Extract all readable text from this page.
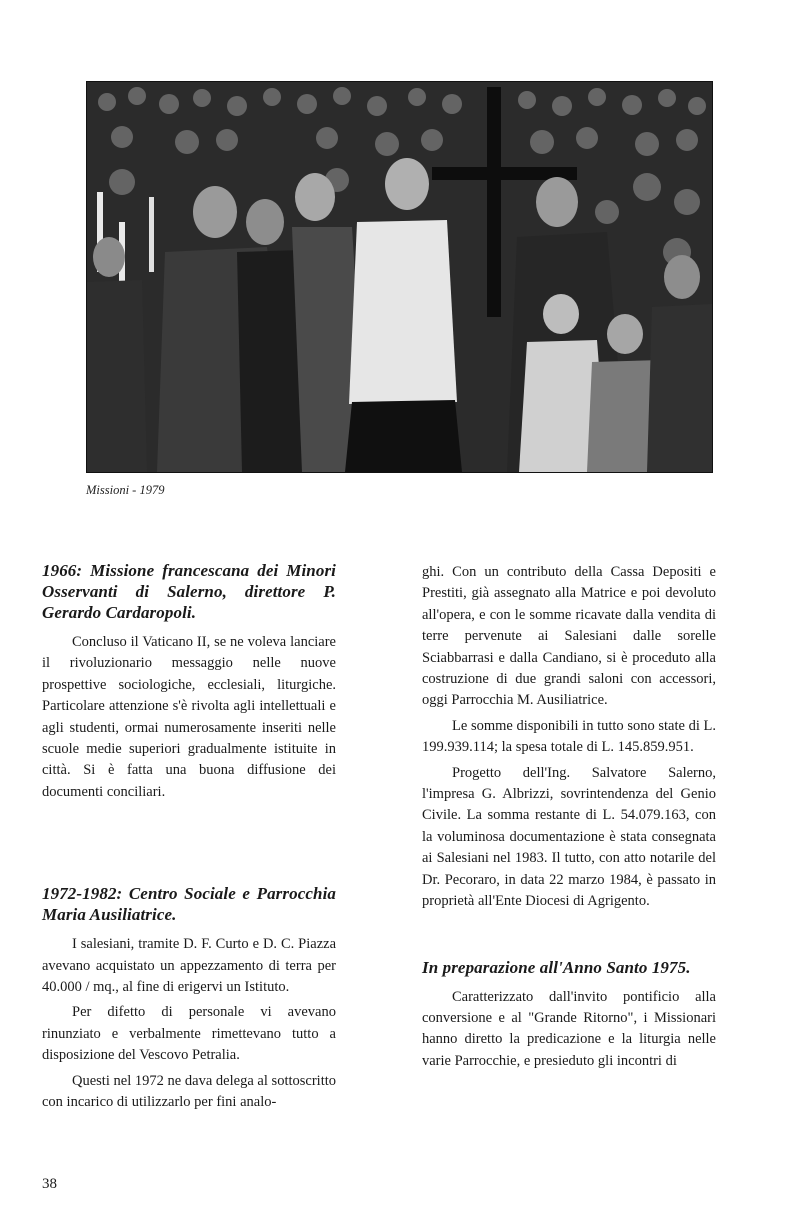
Missioni - 1979
1966: Missione francescana dei Minori Osservanti di Salerno, direttore P. Gerardo Cardaropoli.

Concluso il Vaticano II, se ne voleva lanciare il rivoluzionario messaggio nelle nuove prospettive sociologiche, ecclesiali, liturgiche. Particolare attenzione s'è rivolta agli intellettuali e agli studenti, ormai numerosamente inseriti nelle scuole medie superiori gradualmente istituite in città. Si è fatta una buona diffusione dei documenti conciliari.

1972-1982: Centro Sociale e Parrocchia Maria Ausiliatrice.

I salesiani, tramite D. F. Curto e D. C. Piazza avevano acquistato un appezzamento di terra per 40.000 / mq., al fine di erigervi un Istituto.

Per difetto di personale vi avevano rinunziato e verbalmente rimettevano tutto a disposizione del Vescovo Petralia.

Questi nel 1972 ne dava delega al sottoscritto con incarico di utilizzarlo per fini analo-

ghi. Con un contributo della Cassa Depositi e Prestiti, già assegnato alla Matrice e poi devoluto all'opera, e con le somme ricavate dalla vendita di terre pervenute ai Salesiani dalle sorelle Sciabbarrasi e dalla Candiano, si è proceduto alla costruzione di due grandi saloni con accessori, oggi Parrocchia M. Ausiliatrice.

Le somme disponibili in tutto sono state di L. 199.939.114; la spesa totale di L. 145.859.951.

Progetto dell'Ing. Salvatore Salerno, l'impresa G. Albrizzi, sovrintendenza del Genio Civile. La somma restante di L. 54.079.163, con la voluminosa documentazione è stata consegnata ai Salesiani nel 1983. Il tutto, con atto notarile del Dr. Pecoraro, in data 22 marzo 1984, è passato in proprietà all'Ente Diocesi di Agrigento.

In preparazione all'Anno Santo 1975.

Caratterizzato dall'invito pontificio alla conversione e al "Grande Ritorno", i Missionari hanno diretto la predicazione e la liturgia nelle varie Parrocchie, e presieduto gli incontri di

38
